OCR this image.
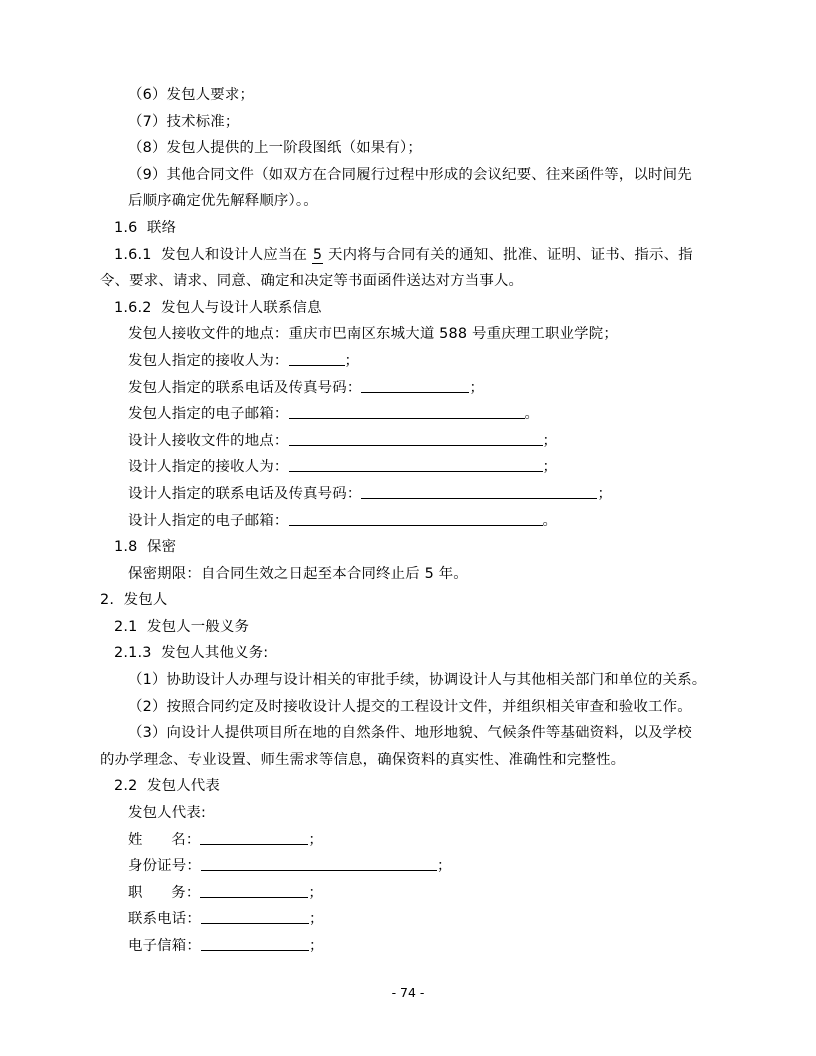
（6）发包人要求；
（7）技术标准；
（8）发包人提供的上一阶段图纸（如果有）；
（9）其他合同文件（如双方在合同履行过程中形成的会议纪要、往来函件等，以时间先
后顺序确定优先解释顺序）。。
1.6  联络
1.6.1  发包人和设计人应当在 5 天内将与合同有关的通知、批准、证明、证书、指示、指
令、要求、请求、同意、确定和决定等书面函件送达对方当事人。
1.6.2  发包人与设计人联系信息
发包人接收文件的地点：重庆市巴南区东城大道 588 号重庆理工职业学院；
发包人指定的接收人为：	；
发包人指定的联系电话及传真号码：	；
发包人指定的电子邮箱：	。
设计人接收文件的地点：	；
设计人指定的接收人为：	；
设计人指定的联系电话及传真号码：	；
设计人指定的电子邮箱：	。
1.8  保密
保密期限：自合同生效之日起至本合同终止后 5 年。
2.  发包人
2.1  发包人一般义务
2.1.3  发包人其他义务:
（1）协助设计人办理与设计相关的审批手续，协调设计人与其他相关部门和单位的关系。
（2）按照合同约定及时接收设计人提交的工程设计文件，并组织相关审查和验收工作。
（3）向设计人提供项目所在地的自然条件、地形地貌、气候条件等基础资料，以及学校
的办学理念、专业设置、师生需求等信息，确保资料的真实性、准确性和完整性。
2.2  发包人代表
发包人代表:
姓      名：	；
身份证号：	；
职      务：	；
联系电话：	；
电子信箱：	；
- 74 -
